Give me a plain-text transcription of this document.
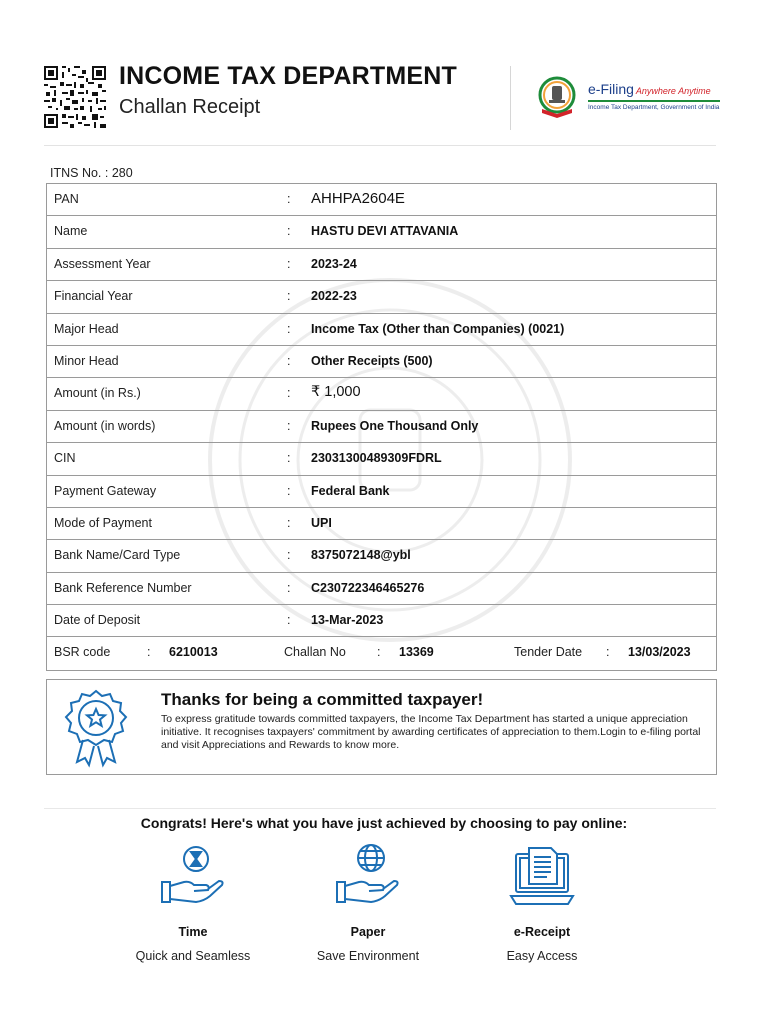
INCOME TAX DEPARTMENT
Challan Receipt
e-Filing Anywhere Anytime
Income Tax Department, Government of India
ITNS No. : 280
PAN	: AHHPA2604E
Name	: HASTU DEVI ATTAVANIA
Assessment Year	: 2023-24
Financial Year	: 2022-23
Major Head	: Income Tax (Other than Companies) (0021)
Minor Head	: Other Receipts (500)
Amount (in Rs.)	: ₹ 1,000
Amount (in words)	: Rupees One Thousand Only
CIN	: 23031300489309FDRL
Payment Gateway	: Federal Bank
Mode of Payment	: UPI
Bank Name/Card Type	: 8375072148@ybl
Bank Reference Number	: C230722346465276
Date of Deposit	: 13-Mar-2023
BSR code	: 6210013	Challan No : 13369	Tender Date : 13/03/2023
Thanks for being a committed taxpayer!
To express gratitude towards committed taxpayers, the Income Tax Department has started a unique appreciation initiative. It recognises taxpayers' commitment by awarding certificates of appreciation to them.Login to e-filing portal and visit Appreciations and Rewards to know more.
Congrats! Here's what you have just achieved by choosing to pay online:
Time
Quick and Seamless
Paper
Save Environment
e-Receipt
Easy Access
